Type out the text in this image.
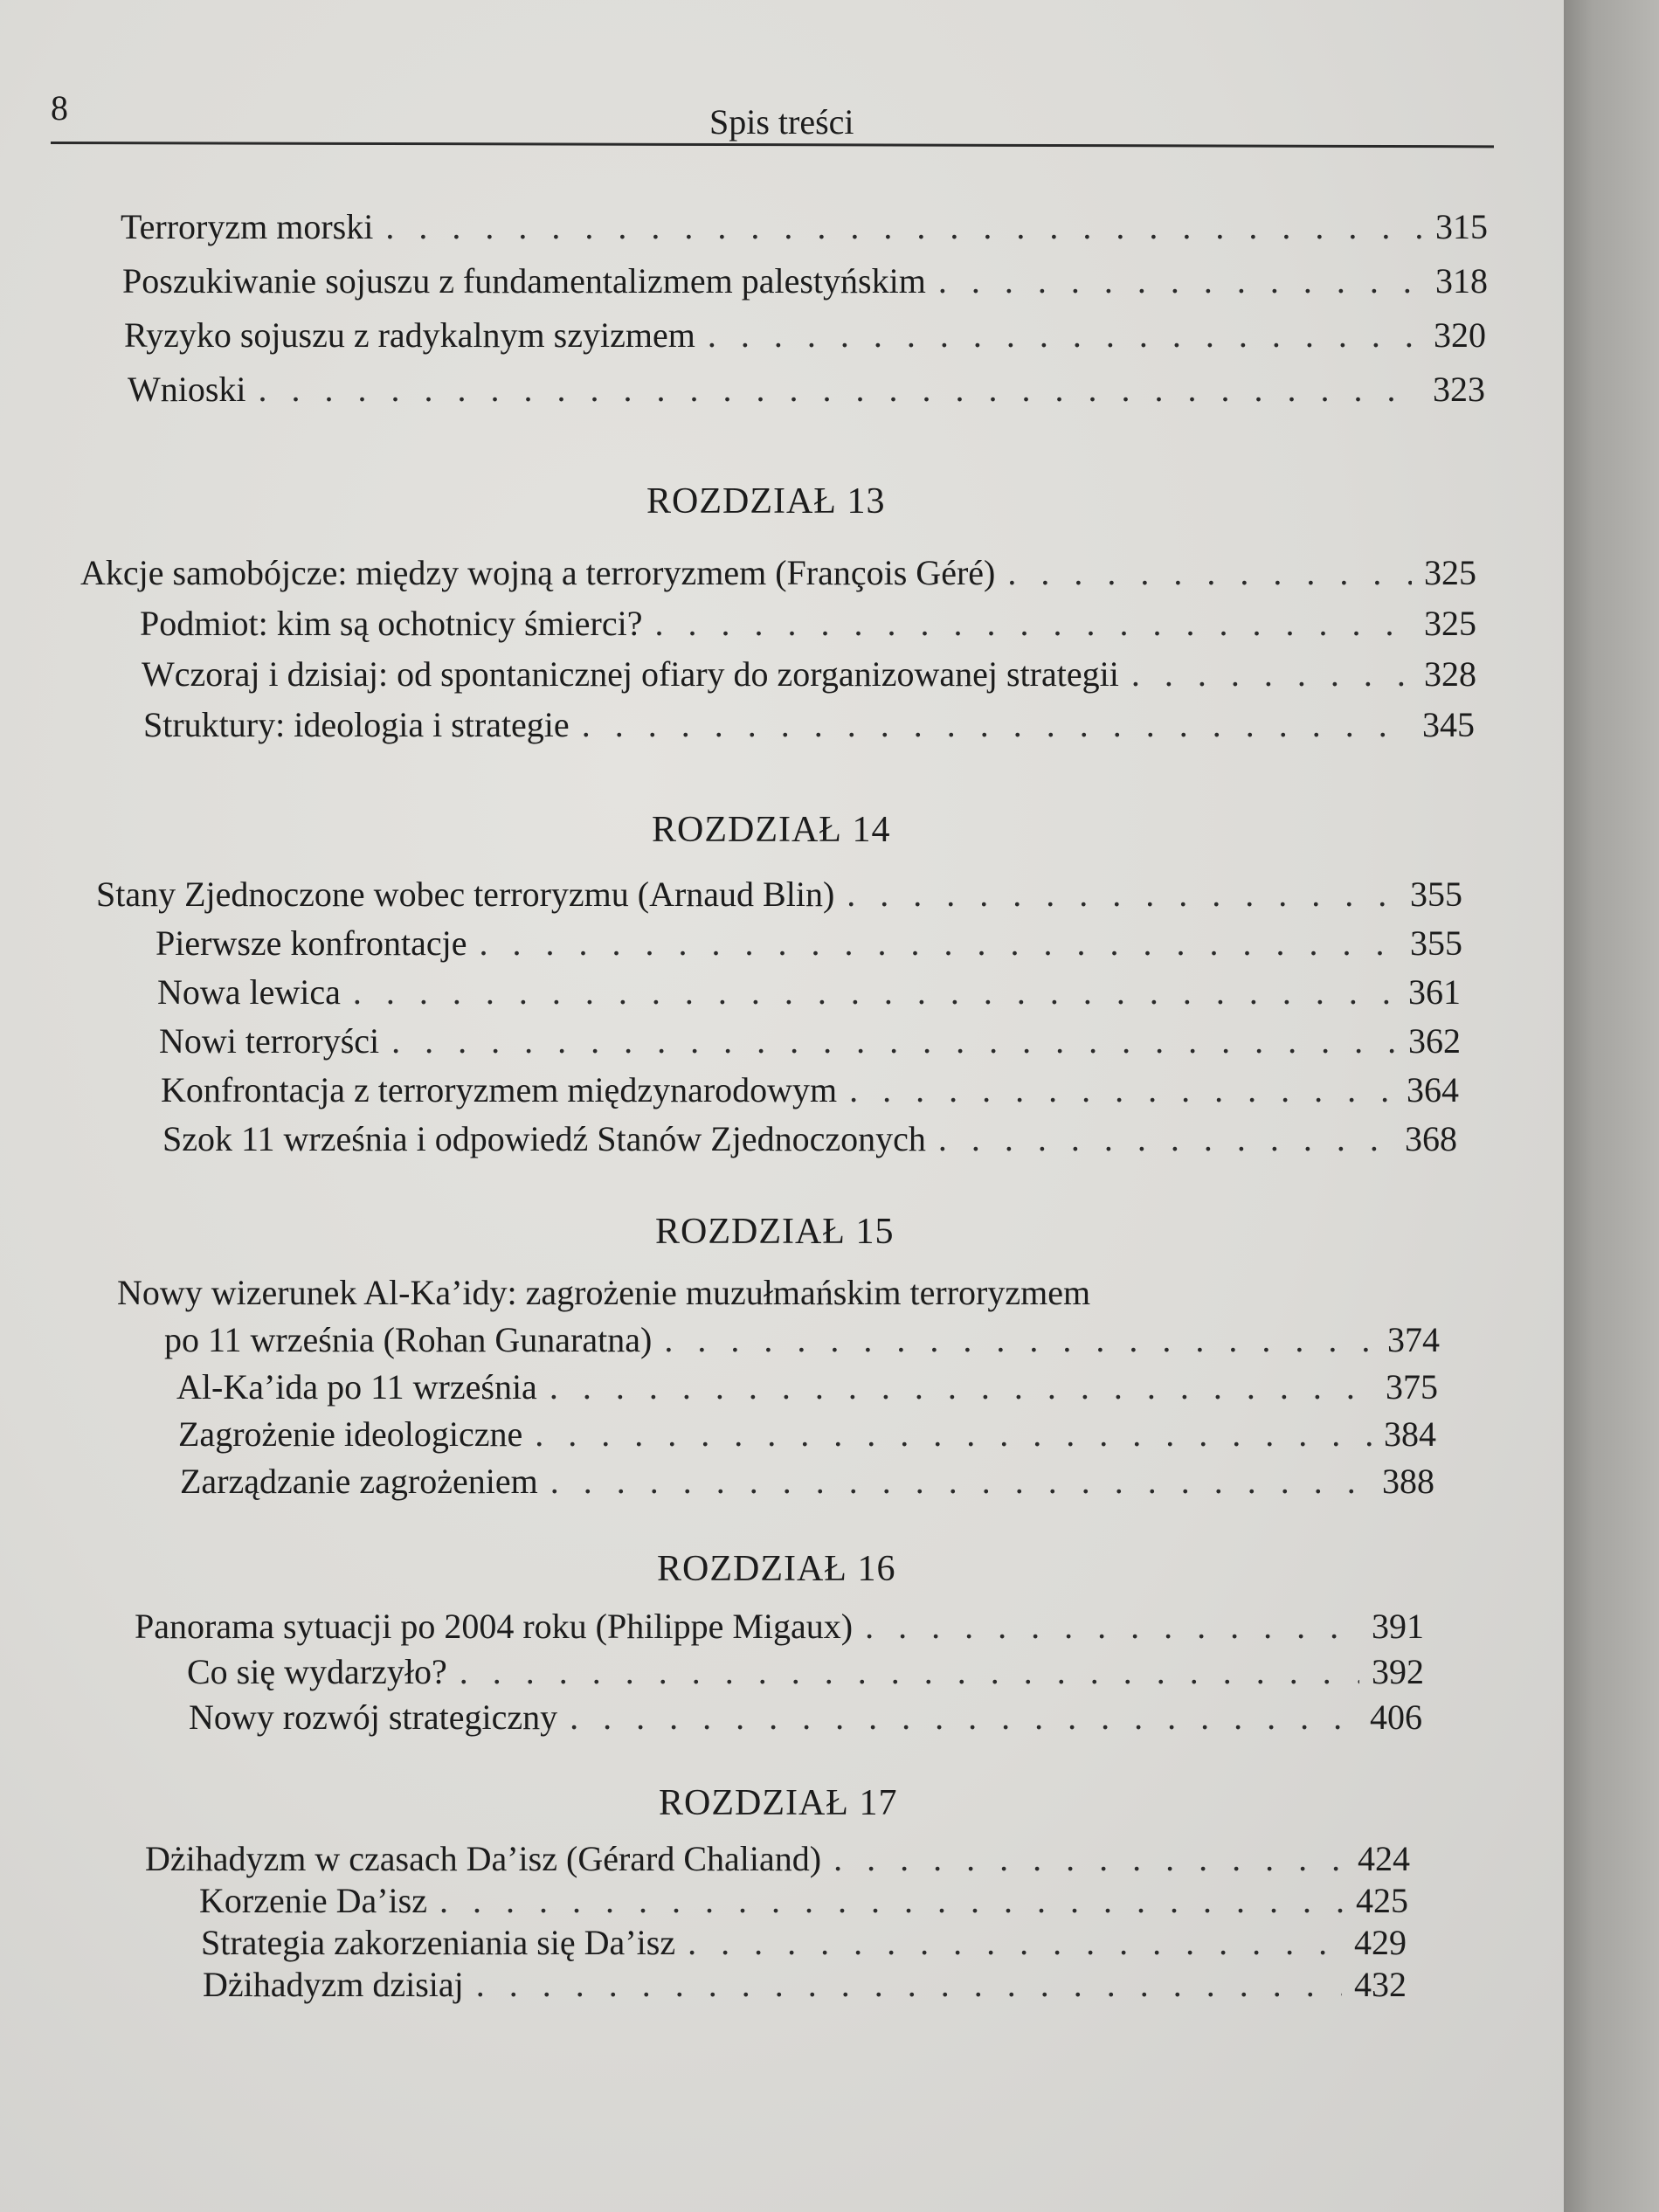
8	Spis treści
Terroryzm morski . . .	315
Poszukiwanie sojuszu z fundamentalizmem palestyńskim . . .	318
Ryzyko sojuszu z radykalnym szyizmem . . .	320
Wnioski . . .	323
ROZDZIAŁ 13
Akcje samobójcze: między wojną a terroryzmem (François Géré) . . .	325
Podmiot: kim są ochotnicy śmierci? . . .	325
Wczoraj i dzisiaj: od spontanicznej ofiary do zorganizowanej strategii . . .	328
Struktury: ideologia i strategie . . .	345
ROZDZIAŁ 14
Stany Zjednoczone wobec terroryzmu (Arnaud Blin) . . .	355
Pierwsze konfrontacje . . .	355
Nowa lewica . . .	361
Nowi terroryści . . .	362
Konfrontacja z terroryzmem międzynarodowym . . .	364
Szok 11 września i odpowiedź Stanów Zjednoczonych . . .	368
ROZDZIAŁ 15
Nowy wizerunek Al-Ka’idy: zagrożenie muzułmańskim terroryzmem
po 11 września (Rohan Gunaratna) . . .	374
Al-Ka’ida po 11 września . . .	375
Zagrożenie ideologiczne . . .	384
Zarządzanie zagrożeniem . . .	388
ROZDZIAŁ 16
Panorama sytuacji po 2004 roku (Philippe Migaux) . . .	391
Co się wydarzyło? . . .	392
Nowy rozwój strategiczny . . .	406
ROZDZIAŁ 17
Dżihadyzm w czasach Da’isz (Gérard Chaliand) . . .	424
Korzenie Da’isz . . .	425
Strategia zakorzeniania się Da’isz . . .	429
Dżihadyzm dzisiaj . . .	432
